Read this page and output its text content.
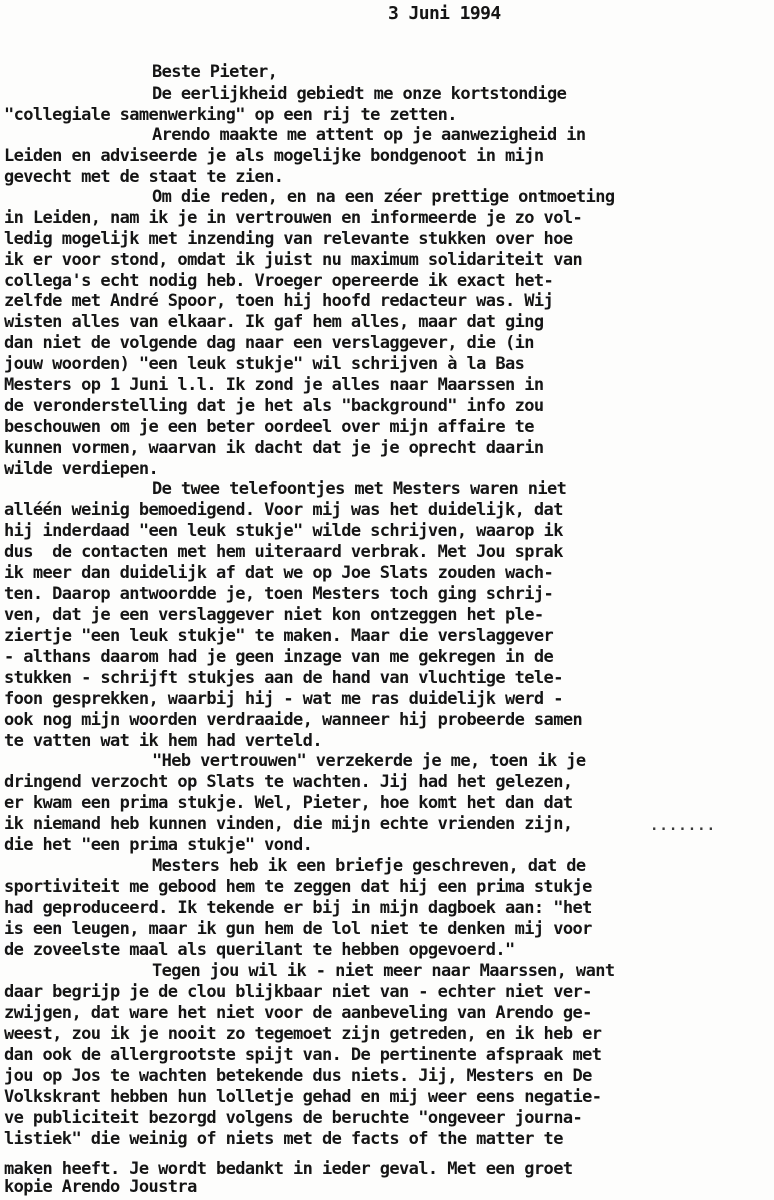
3 Juni 1994
Beste Pieter,
De eerlijkheid gebiedt me onze kortstondige
"collegiale samenwerking" op een rij te zetten.
Arendo maakte me attent op je aanwezigheid in
Leiden en adviseerde je als mogelijke bondgenoot in mijn
gevecht met de staat te zien.
Om die reden, en na een zéer prettige ontmoeting
in Leiden, nam ik je in vertrouwen en informeerde je zo vol-
ledig mogelijk met inzending van relevante stukken over hoe
ik er voor stond, omdat ik juist nu maximum solidariteit van
collega's echt nodig heb. Vroeger opereerde ik exact het-
zelfde met André Spoor, toen hij hoofd redacteur was. Wij
wisten alles van elkaar. Ik gaf hem alles, maar dat ging
dan niet de volgende dag naar een verslaggever, die (in
jouw woorden) "een leuk stukje" wil schrijven à la Bas
Mesters op 1 Juni l.l. Ik zond je alles naar Maarssen in
de veronderstelling dat je het als "background" info zou
beschouwen om je een beter oordeel over mijn affaire te
kunnen vormen, waarvan ik dacht dat je je oprecht daarin
wilde verdiepen.
De twee telefoontjes met Mesters waren niet
alléén weinig bemoedigend. Voor mij was het duidelijk, dat
hij inderdaad "een leuk stukje" wilde schrijven, waarop ik
dus  de contacten met hem uiteraard verbrak. Met Jou sprak
ik meer dan duidelijk af dat we op Joe Slats zouden wach-
ten. Daarop antwoordde je, toen Mesters toch ging schrij-
ven, dat je een verslaggever niet kon ontzeggen het ple-
ziertje "een leuk stukje" te maken. Maar die verslaggever
- althans daarom had je geen inzage van me gekregen in de
stukken - schrijft stukjes aan de hand van vluchtige tele-
foon gesprekken, waarbij hij - wat me ras duidelijk werd -
ook nog mijn woorden verdraaide, wanneer hij probeerde samen
te vatten wat ik hem had verteld.
"Heb vertrouwen" verzekerde je me, toen ik je
dringend verzocht op Slats te wachten. Jij had het gelezen,
er kwam een prima stukje. Wel, Pieter, hoe komt het dan dat
ik niemand heb kunnen vinden, die mijn echte vrienden zijn,
die het "een prima stukje" vond.
.......
Mesters heb ik een briefje geschreven, dat de
sportiviteit me gebood hem te zeggen dat hij een prima stukje
had geproduceerd. Ik tekende er bij in mijn dagboek aan: "het
is een leugen, maar ik gun hem de lol niet te denken mij voor
de zoveelste maal als querilant te hebben opgevoerd."
Tegen jou wil ik - niet meer naar Maarssen, want
daar begrijp je de clou blijkbaar niet van - echter niet ver-
zwijgen, dat ware het niet voor de aanbeveling van Arendo ge-
weest, zou ik je nooit zo tegemoet zijn getreden, en ik heb er
dan ook de allergrootste spijt van. De pertinente afspraak met
jou op Jos te wachten betekende dus niets. Jij, Mesters en De
Volkskrant hebben hun lolletje gehad en mij weer eens negatie-
ve publiciteit bezorgd volgens de beruchte "ongeveer journa-
listiek" die weinig of niets met de facts of the matter te
maken heeft. Je wordt bedankt in ieder geval. Met een groet
kopie Arendo Joustra
